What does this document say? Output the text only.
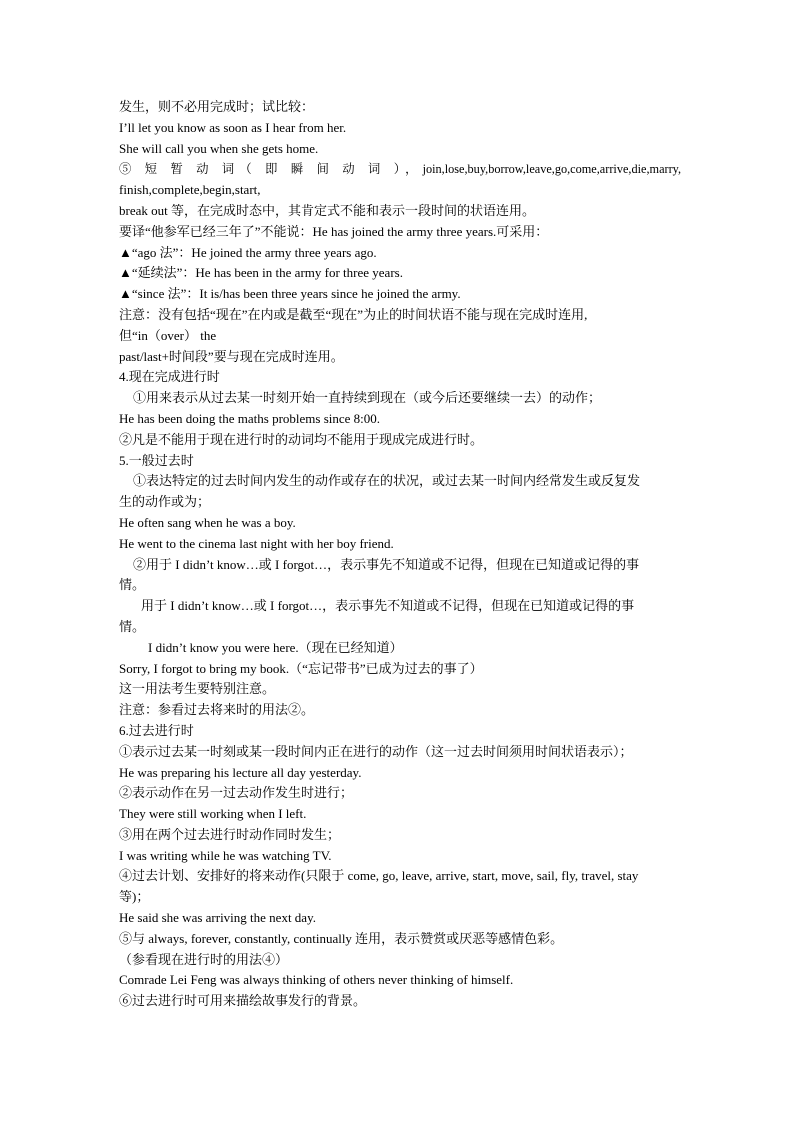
发生，则不必用完成时；试比较：
I’ll let you know as soon as I hear from her.
She will call you when she gets home.
⑤ 短 暂 动 词（ 即 瞬 间 动 词 ），join,lose,buy,borrow,leave,go,come,arrive,die,marry,
finish,complete,begin,start,
break out 等，在完成时态中，其肯定式不能和表示一段时间的状语连用。
要译“他参军已经三年了”不能说：He has joined the army three years.可采用：
▲“ago 法”：He joined the army three years ago.
▲“延续法”：He has been in the army for three years.
▲“since 法”：It is/has been three years since he joined the army.
注意：没有包括“现在”在内或是截至“现在”为止的时间状语不能与现在完成时连用,
但“in（over） the
past/last+时间段”要与现在完成时连用。
4.现在完成进行时
①用来表示从过去某一时刻开始一直持续到现在（或今后还要继续一去）的动作；
He has been doing the maths problems since 8:00.
②凡是不能用于现在进行时的动词均不能用于现成完成进行时。
5.一般过去时
①表达特定的过去时间内发生的动作或存在的状况，或过去某一时间内经常发生或反复发
生的动作或为；
He often sang when he was a boy.
He went to the cinema last night with her boy friend.
②用于 I didn’t know…或 I forgot…，表示事先不知道或不记得，但现在已知道或记得的事
情。
用于 I didn’t know…或 I forgot…，表示事先不知道或不记得，但现在已知道或记得的事
情。
I didn’t know you were here.（现在已经知道）
Sorry, I forgot to bring my book.（“忘记带书”已成为过去的事了）
这一用法考生要特别注意。
注意：参看过去将来时的用法②。
6.过去进行时
①表示过去某一时刻或某一段时间内正在进行的动作（这一过去时间须用时间状语表示）；
He was preparing his lecture all day yesterday.
②表示动作在另一过去动作发生时进行；
They were still working when I left.
③用在两个过去进行时动作同时发生；
I was writing while he was watching TV.
④过去计划、安排好的将来动作(只限于 come, go, leave, arrive, start, move, sail, fly, travel, stay
等)；
He said she was arriving the next day.
⑤与 always, forever, constantly, continually 连用，表示赞赏或厌恶等感情色彩。
（参看现在进行时的用法④）
Comrade Lei Feng was always thinking of others never thinking of himself.
⑥过去进行时可用来描绘故事发行的背景。
